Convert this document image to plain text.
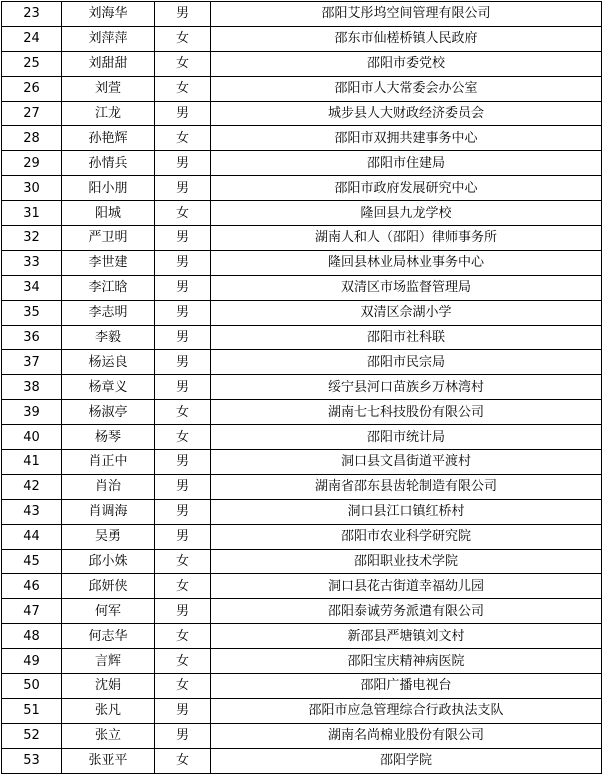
23	刘海华	男	邵阳艾彤坞空间管理有限公司
24	刘萍萍	女	邵东市仙槎桥镇人民政府
25	刘甜甜	女	邵阳市委党校
26	刘萱	女	邵阳市人大常委会办公室
27	江龙	男	城步县人大财政经济委员会
28	孙艳辉	女	邵阳市双拥共建事务中心
29	孙情兵	男	邵阳市住建局
30	阳小朋	男	邵阳市政府发展研究中心
31	阳城	女	隆回县九龙学校
32	严卫明	男	湖南人和人（邵阳）律师事务所
33	李世建	男	隆回县林业局林业事务中心
34	李江晗	男	双清区市场监督管理局
35	李志明	男	双清区佘湖小学
36	李毅	男	邵阳市社科联
37	杨运良	男	邵阳市民宗局
38	杨章义	男	绥宁县河口苗族乡万林湾村
39	杨淑亭	女	湖南七七科技股份有限公司
40	杨琴	女	邵阳市统计局
41	肖正中	男	洞口县文昌街道平渡村
42	肖治	男	湖南省邵东县齿轮制造有限公司
43	肖调海	男	洞口县江口镇红桥村
44	吴勇	男	邵阳市农业科学研究院
45	邱小姝	女	邵阳职业技术学院
46	邱妍侠	女	洞口县花古街道幸福幼儿园
47	何军	男	邵阳泰诚劳务派遣有限公司
48	何志华	女	新邵县严塘镇刘文村
49	言辉	女	邵阳宝庆精神病医院
50	沈娟	女	邵阳广播电视台
51	张凡	男	邵阳市应急管理综合行政执法支队
52	张立	男	湖南名尚棉业股份有限公司
53	张亚平	女	邵阳学院
